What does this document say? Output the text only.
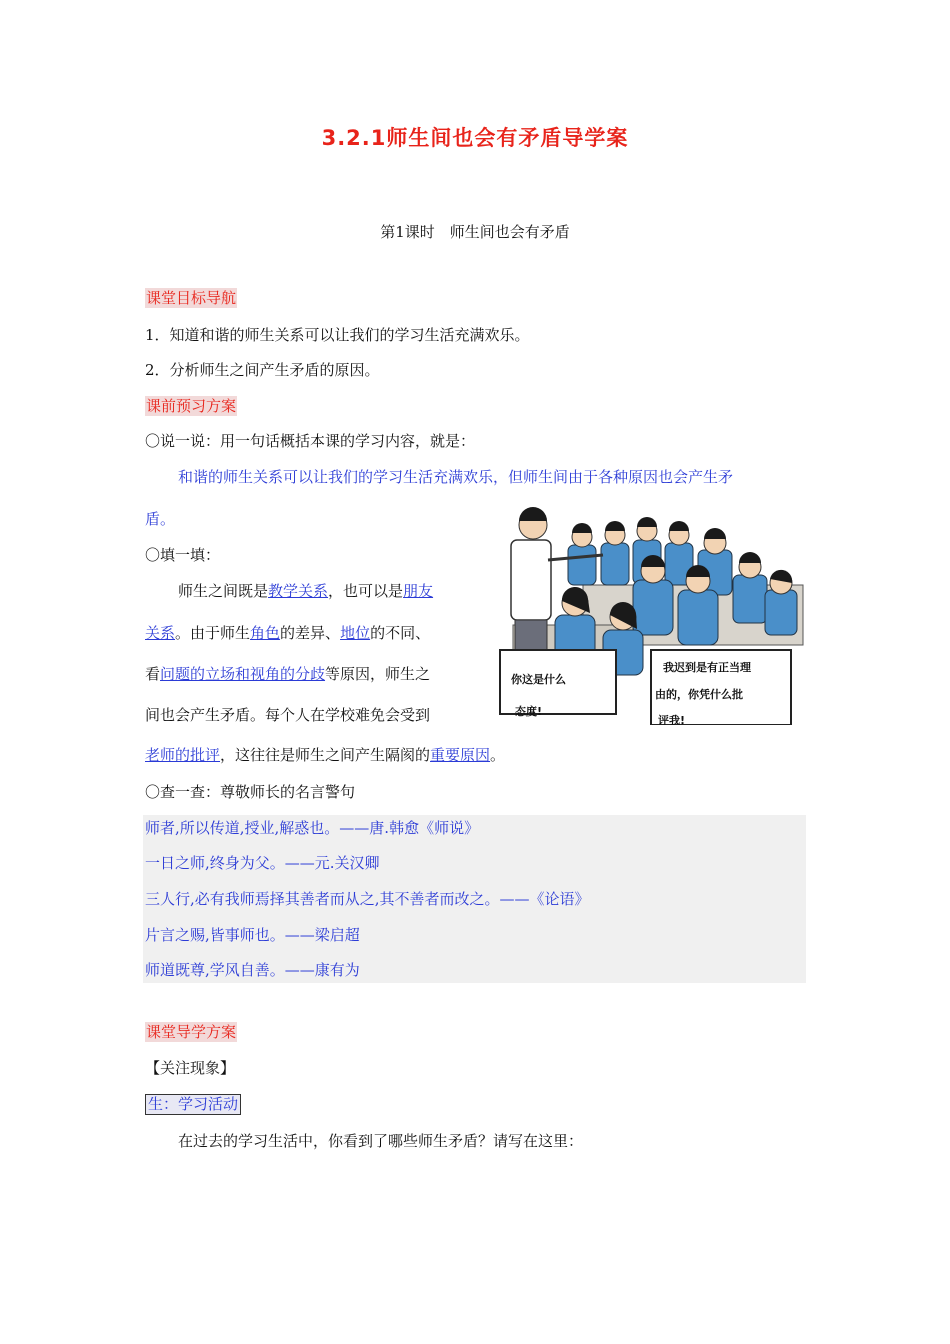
3.2.1师生间也会有矛盾导学案
第1课时　师生间也会有矛盾
课堂目标导航
1．知道和谐的师生关系可以让我们的学习生活充满欢乐。
2．分析师生之间产生矛盾的原因。
课前预习方案
〇说一说：用一句话概括本课的学习内容，就是：
和谐的师生关系可以让我们的学习生活充满欢乐，但师生间由于各种原因也会产生矛
盾。
〇填一填：
师生之间既是教学关系，也可以是朋友
关系。由于师生角色的差异、地位的不同、
看问题的立场和视角的分歧等原因，师生之
间也会产生矛盾。每个人在学校难免会受到
老师的批评，这往往是师生之间产生隔阂的重要原因。
你这是什么
态度!
我迟到是有正当理
由的，你凭什么批
评我!
〇查一查：尊敬师长的名言警句
师者,所以传道,授业,解惑也。——唐.韩愈《师说》
一日之师,终身为父。——元.关汉卿
三人行,必有我师焉择其善者而从之,其不善者而改之。——《论语》
片言之赐,皆事师也。——梁启超
师道既尊,学风自善。——康有为
课堂导学方案
【关注现象】
生：学习活动
在过去的学习生活中，你看到了哪些师生矛盾？请写在这里：
